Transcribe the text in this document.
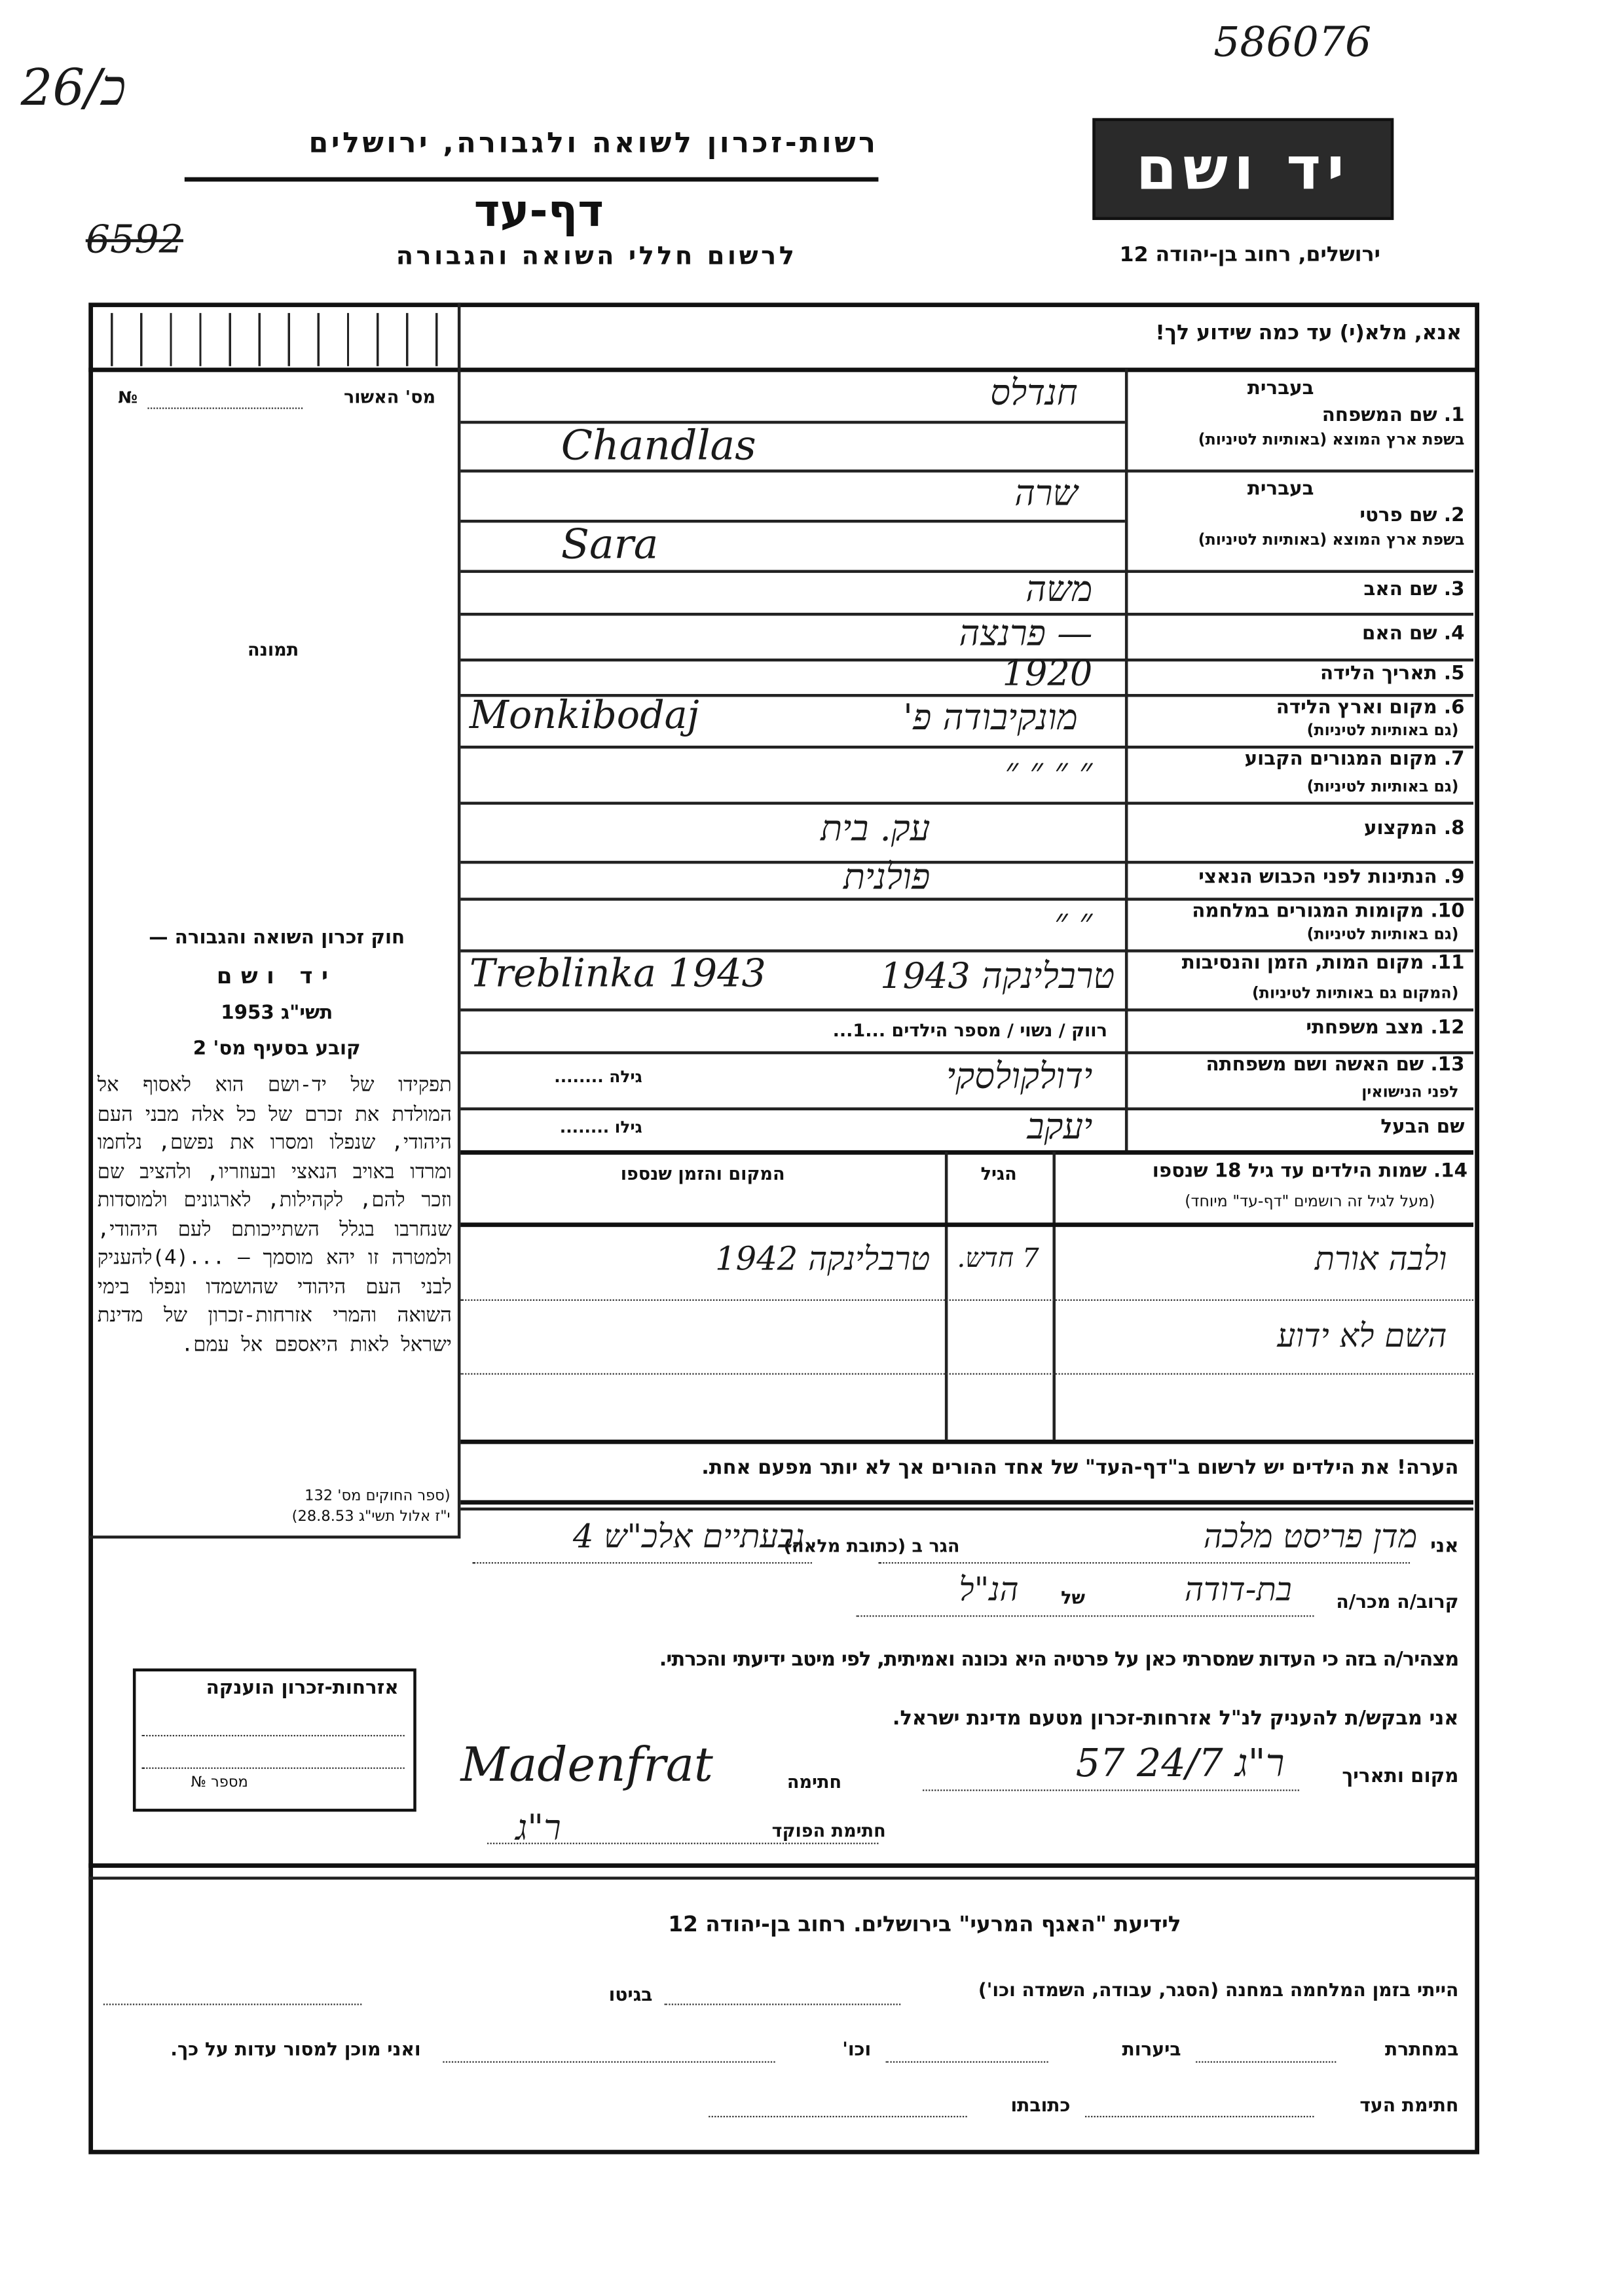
26/כ
586076
רשות-זכרון לשואה ולגבורה, ירושלים
דף-עד
6592	לרשום חללי השואה והגבורה
יד ושם
ירושלים, רחוב בן-יהודה 12
אנא, מלא(י) עד כמה שידוע לך!
מס' האשור
№
תמונה
חוק זכרון השואה והגבורה —
יד ושם
תשי"ג 1953
קובע בסעיף מס' 2
תפקידו של יד-ושם הוא לאסוף אל המולדת את זכרם של כל אלה מבני העם היהודי, שנפלו ומסרו את נפשם, נלחמו ומרדו באויב הנאצי ובעוזריו, ולהציב שם וזכר להם, לקהילות, לארגונים ולמוסדות שנחרבו בגלל השתייכותם לעם היהודי, ולמטרה זו יהא מוסמך — ...(4)להעניק לבני העם היהודי שהושמדו ונפלו בימי השואה והמרי אזרחות-זכרון של מדינת ישראל לאות היאספם אל עמם.
(ספר החוקים מס' 132
י"ז אלול תשי"ג 28.8.53)
אזרחות-זכרון הוענקה
מספר №
בעברית
1. שם המשפחה
בשפת ארץ המוצא (באותיות לטיניות)
חנדלס
Chandlas
בעברית
2. שם פרטי
בשפת ארץ המוצא (באותיות לטיניות)
שרה
Sara
3. שם האב
משה
4. שם האם
— פרנצה
5. תאריך הלידה
1920
6. מקום וארץ הלידה
(גם באותיות לטיניות)
מונקיבודה פ'
Monkibodaj
7. מקום המגורים הקבוע
(גם באותיות לטיניות)
״ ״ ״ ״
8. המקצוע
עק. בית
9. הנתינות לפני הכבוש הנאצי
פולנית
10. מקומות המגורים במלחמה
(גם באותיות לטיניות)
״ ״
11. מקום המות, הזמן והנסיבות
(המקום גם באותיות לטיניות)
טרבלינקה 1943
Treblinka 1943
12. מצב משפחתי
רווק / נשוי / מספר הילדים ...1...
13. שם האשה ושם משפחתה
לפני הנישואין
ידולקולסקי
גילה ........
שם הבעל
יעקב
גילו ........
14. שמות הילדים עד גיל 18 שנספו
(מעל לגיל זה רושמים "דף-עד" מיוחד)
הגיל
המקום והזמן שנספו
ולבה אורת
7 חדש.
טרבלינקה 1942
השם לא ידוע
הערה! את הילדים יש לרשום ב"דף-העד" של אחד ההורים אך לא יותר מפעם אחת.
אני
מדן פריסט מלכה
הגר ב (כתובת מלאה)
גבעתיים אלכ"ש 4
קרוב/ה מכר/ה
בת-דודה
של
הנ"ל
מצהיר/ה בזה כי העדות שמסרתי כאן על פרטיה היא נכונה ואמיתית, לפי מיטב ידיעתי והכרתי.
אני מבקש/ת להעניק לנ"ל אזרחות-זכרון מטעם מדינת ישראל.
מקום ותאריך
ר"ג 24/7 57
חתימה
Madenfrat
חתימת הפוקד
ר"ג
לידיעת "האגף המרעי" בירושלים. רחוב בן-יהודה 12
הייתי בזמן המלחמה במחנה (הסגר, עבודה, השמדה וכו')
בגיטו
במחתרת
ביערות
וכו'
ואני מוכן למסור עדות על כך.
חתימת העד
כתובתו
